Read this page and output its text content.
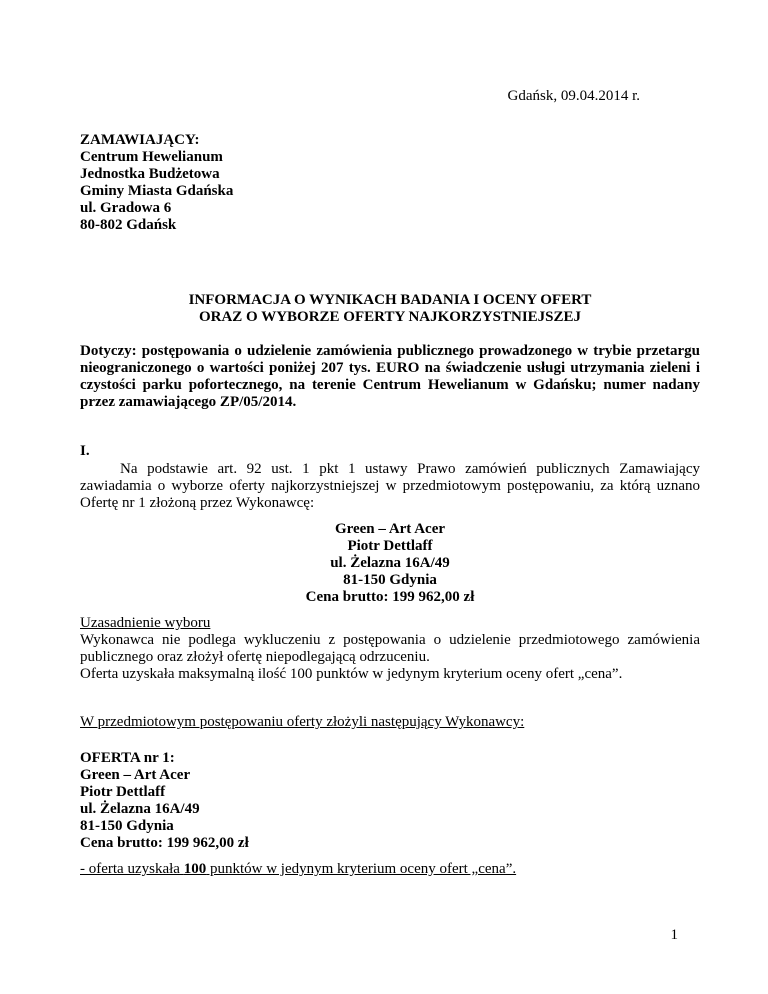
Gdańsk, 09.04.2014 r.
ZAMAWIAJĄCY:
Centrum Hewelianum
Jednostka Budżetowa
Gminy Miasta Gdańska
ul. Gradowa 6
80-802 Gdańsk
INFORMACJA O WYNIKACH BADANIA I OCENY OFERT
ORAZ O WYBORZE OFERTY NAJKORZYSTNIEJSZEJ
Dotyczy: postępowania o udzielenie zamówienia publicznego prowadzonego w trybie przetargu nieograniczonego o wartości poniżej 207 tys. EURO na świadczenie usługi utrzymania zieleni i czystości parku pofortecznego, na terenie Centrum Hewelianum w Gdańsku; numer nadany przez zamawiającego ZP/05/2014.
I.
Na podstawie art. 92 ust. 1 pkt 1 ustawy Prawo zamówień publicznych Zamawiający zawiadamia o wyborze oferty najkorzystniejszej w przedmiotowym postępowaniu, za którą uznano Ofertę nr 1 złożoną przez Wykonawcę:
Green – Art Acer
Piotr Dettlaff
ul. Żelazna 16A/49
81-150 Gdynia
Cena brutto: 199 962,00 zł
Uzasadnienie wyboru
Wykonawca nie podlega wykluczeniu z postępowania o udzielenie przedmiotowego zamówienia publicznego oraz złożył ofertę niepodlegającą odrzuceniu.
Oferta uzyskała maksymalną ilość 100 punktów w jedynym kryterium oceny ofert „cena”.
W przedmiotowym postępowaniu oferty złożyli następujący Wykonawcy:
OFERTA nr 1:
Green – Art Acer
Piotr Dettlaff
ul. Żelazna 16A/49
81-150 Gdynia
Cena brutto: 199 962,00 zł
- oferta uzyskała 100 punktów w jedynym kryterium oceny ofert „cena”.
1
